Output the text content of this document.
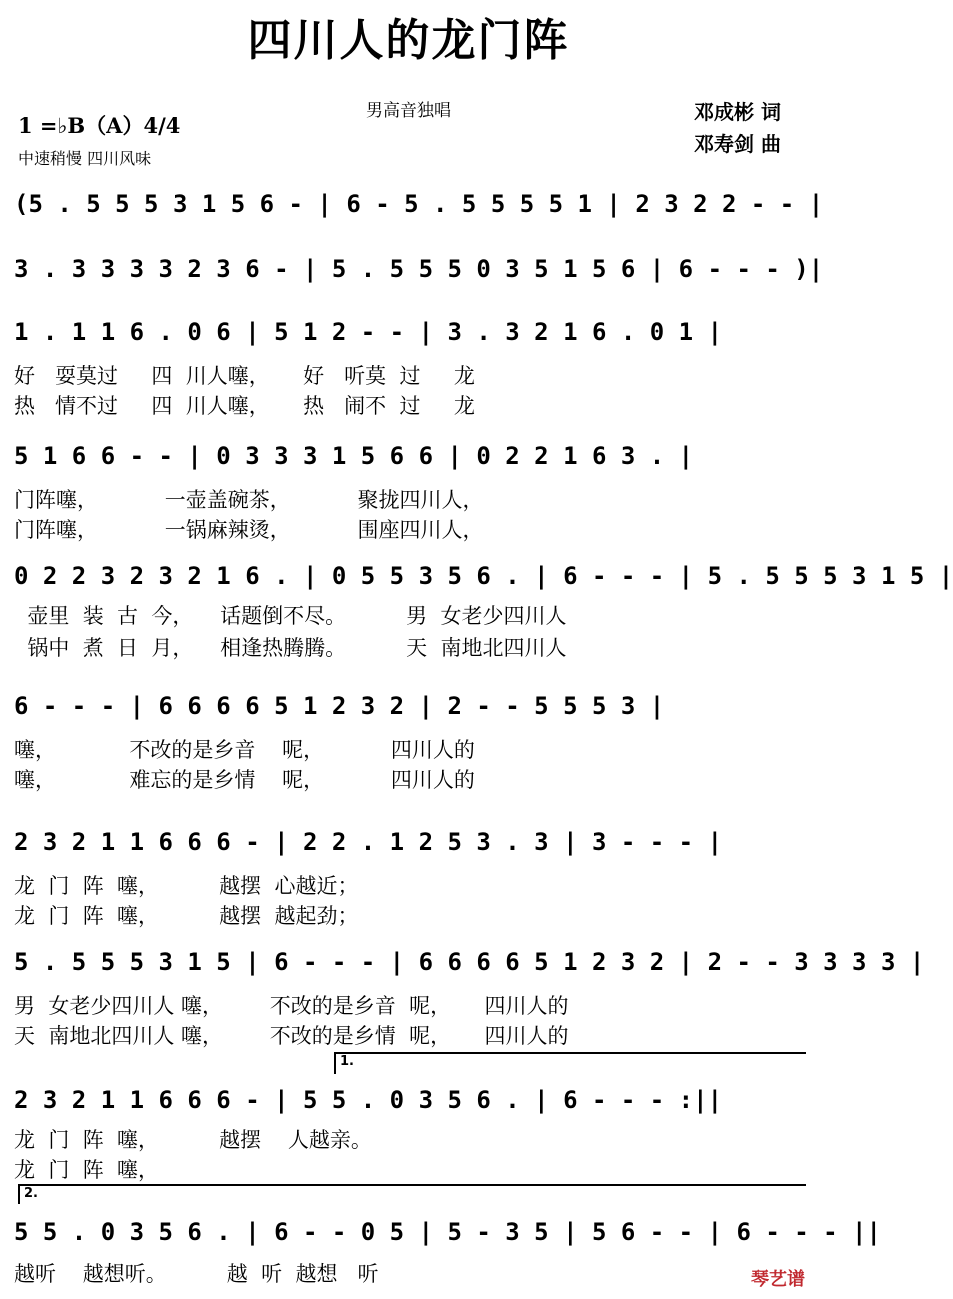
四川人的龙门阵
男高音独唱	邓成彬 词
邓寿剑 曲
1 =♭B（A）4/4
中速稍慢 四川风味
(5 . 5 5 5 3 1 5 6 - | 6 - 5 . 5 5 5 5 1 | 2 3 2 2 - - |
3 . 3 3 3 3 2 3 6 - | 5 . 5 5 5 0 3 5 1 5 6 | 6 - - - )|
1 . 1 1 6 . 0 6 | 5 1 2 - - | 3 . 3 2 1 6 . 0 1 |
好   耍莫过     四  川人噻，     好   听莫  过     龙
热   情不过     四  川人噻，     热   闹不  过     龙
5 1 6 6 - - | 0 3 3 3 1 5 6 6 | 0 2 2 1 6 3 . |
门阵噻，          一壶盖碗茶，          聚拢四川人，
门阵噻，          一锅麻辣烫，          围座四川人，
0 2 2 3 2 3 2 1 6 . | 0 5 5 3 5 6 . | 6 - - - | 5 . 5 5 5 3 1 5 |
壶里  装  古  今，    话题倒不尽。         男  女老少四川人
锅中  煮  日  月，    相逢热腾腾。         天  南地北四川人
6 - - - | 6 6 6 6 5 1 2 3 2 | 2 - - 5 5 5 3 |
噻，           不改的是乡音    呢，          四川人的
噻，           难忘的是乡情    呢，          四川人的
2 3 2 1 1 6 6 6 - | 2 2 . 1 2 5 3 . 3 | 3 - - - |
龙  门  阵  噻，         越摆  心越近；
龙  门  阵  噻，         越摆  越起劲；
5 . 5 5 5 3 1 5 | 6 - - - | 6 6 6 6 5 1 2 3 2 | 2 - - 3 3 3 3 |
男  女老少四川人 噻，       不改的是乡音  呢，     四川人的
天  南地北四川人 噻，       不改的是乡情  呢，     四川人的
1.
2 3 2 1 1 6 6 6 - | 5 5 . 0 3 5 6 . | 6 - - - :||
龙  门  阵  噻，         越摆    人越亲。
龙  门  阵  噻，
2.
5 5 . 0 3 5 6 . | 6 - - 0 5 | 5 - 3 5 | 5 6 - - | 6 - - - ||
越听    越想听。         越  听  越想   听	琴艺谱
